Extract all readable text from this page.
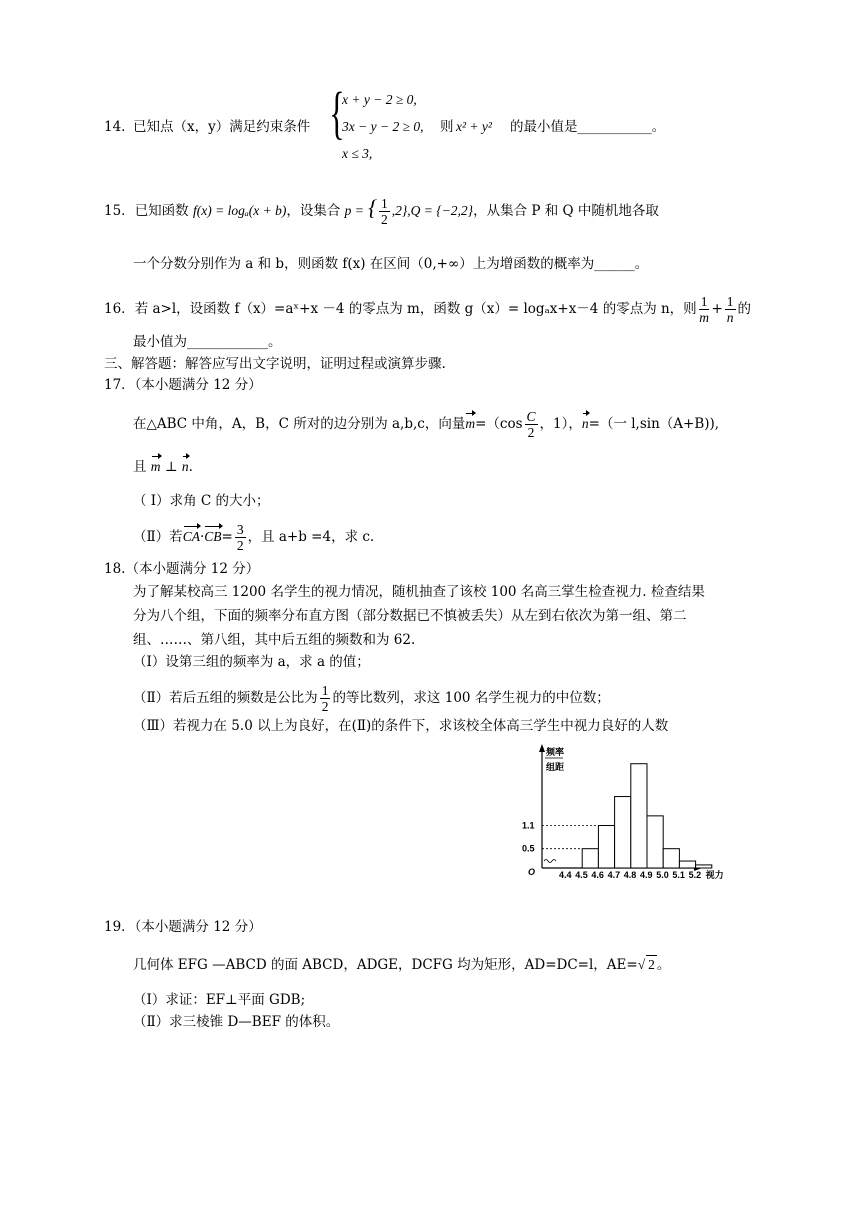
14．
已知点（x，y）满足约束条件 {
x + y − 2 ≥ 0,
3x − y − 2 ≥ 0,
x ≤ 3,
则 x² + y² 的最小值是___________。
15．已知函数 f(x) = logₐ(x + b)，设集合 p = { $\frac{1}{2} ,2\},Q = \{-2,2\}$，从集合 P 和 Q 中随机地各取
一个分数分别作为 a 和 b，则函数 f(x) 在区间（0,+∞）上为增函数的概率为______。
16．若 a>l，设函数 f（x）=aˣ+x －4 的零点为 m，函数 g（x）= logₐx+x－4 的零点为 n，则 $\frac{1}{m} + \frac{1}{n}$ 的
最小值为____________。
三、解答题：解答应写出文字说明，证明过程或演算步骤.
17．（本小题满分 12 分）
在△ABC 中角，A，B，C 所对的边分别为 a,b,c，向量$m=(\cos \frac{C}{2}$ ，1），n=（一 l,sin（A+B)),
且 m ⊥ n.
（ I）求角 C 的大小；
（Ⅱ）若$CA\cdot CB= \frac{3}{2}$ ，且 a+b =4，求 c.
18.（本小题满分 12 分）
为了解某校高三 1200 名学生的视力情况，随机抽查了该校 100 名高三掌生检查视力. 检查结果
分为八个组，下面的频率分布直方图（部分数据已不慎被丢失）从左到右依次为第一组、第二
组、……、第八组，其中后五组的频数和为 62.
（I）设第三组的频率为 a，求 a 的值；
（Ⅱ）若后五组的频数是公比为 $\frac{1}{2}$ 的等比数列，求这 100 名学生视力的中位数；
（Ⅲ）若视力在 5.0 以上为良好，在(Ⅱ)的条件下，求该校全体高三学生中视力良好的人数
频率
组距
O
0.5
1.1
4.4 4.5 4.6 4.7 4.8 4.9 5.0 5.1 5.2 视力
19．（本小题满分 12 分）
几何体 EFG —ABCD 的面 ABCD，ADGE，DCFG 均为矩形，AD=DC=l，AE=√ 2 。
（I）求证：EF⊥平面 GDB;
（Ⅱ）求三棱锥 D—BEF 的体积。
